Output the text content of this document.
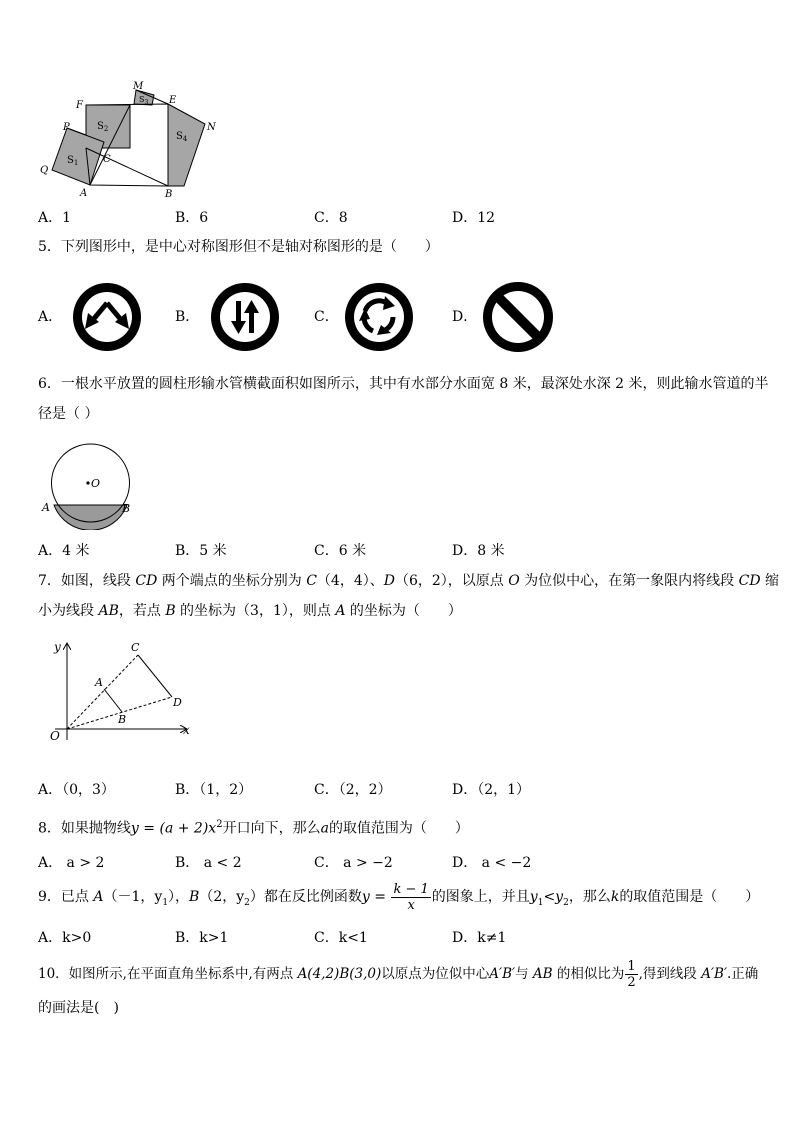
M
E
F
P	N
Q
A	B
C
$S_1$
$S_2$
$S_3$
$S_4$
A．1	B．6	C．8	D．12
5．下列图形中，是中心对称图形但不是轴对称图形的是（　　）
A．	B．	C．	D．
6．一根水平放置的圆柱形输水管横截面积如图所示，其中有水部分水面宽 8 米，最深处水深 2 米，则此输水管道的半
径是（ ）
O
A	B
A．4 米	B．5 米	C．6 米	D．8 米
7．如图，线段 CD 两个端点的坐标分别为 C（4，4）、D（6，2），以原点 O 为位似中心，在第一象限内将线段 CD 缩
小为线段 AB，若点 B 的坐标为（3，1），则点 A 的坐标为（　　）
y
x
O
A
B
C
D
A．（0，3）	B．（1，2）	C．（2，2）	D．（2，1）
8．如果抛物线$y = (a + 2)x^2$开口向下，那么a的取值范围为（　　）
A． a > 2	B． a < 2	C． a > −2	D． a < −2
9．已点 A（－1，$y_1$），B（2，$y_2$）都在反比例函数$y = \frac{k - 1}{x}$ 的图象上，并且$y_1<y_2$，那么k的取值范围是（　　）
A．k>0	B．k>1	C．k<1	D．k≠1
10．如图所示,在平面直角坐标系中,有两点 A(4,2)B(3,0)以原点为位似中心A′B′与 AB 的相似比为 $\frac{1}{2}$ ,得到线段 A′B′.正确
的画法是(　)
